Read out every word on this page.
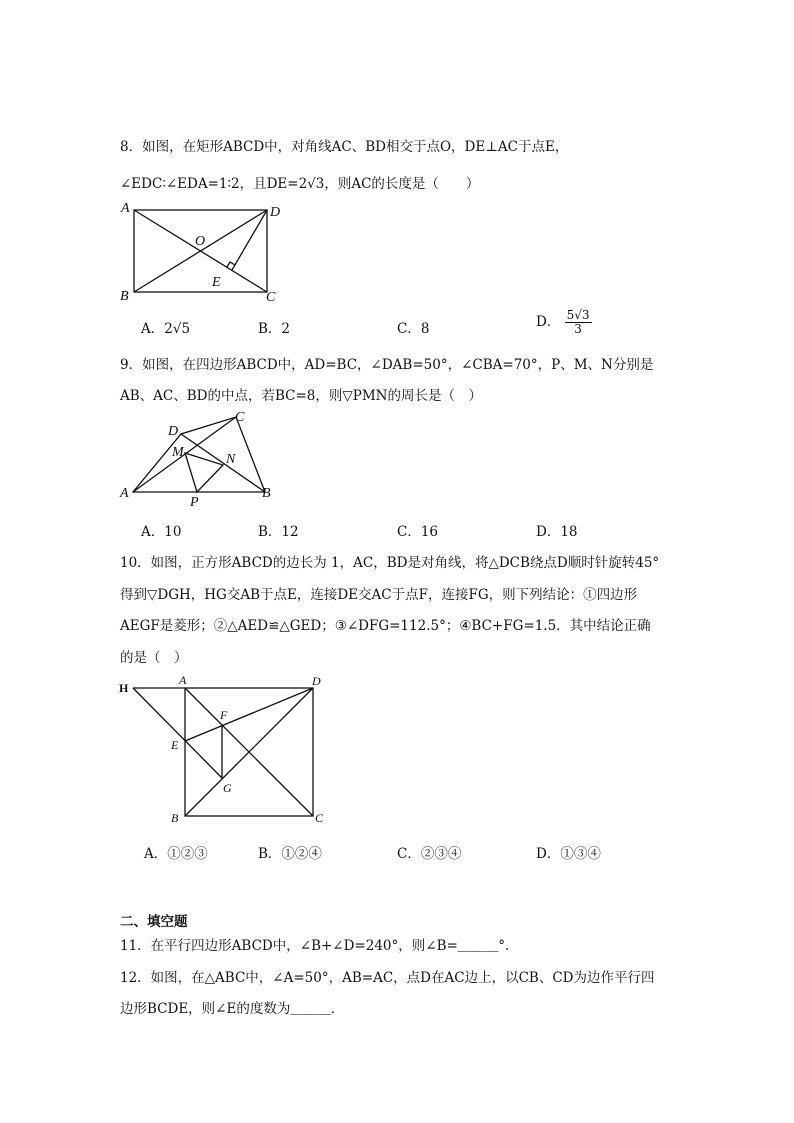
8．如图，在矩形ABCD中，对角线AC、BD相交于点O，DE⊥AC于点E，
∠EDC∶∠EDA=1∶2，且DE=2√3，则AC的长度是（　　）
A	D
O
E
B	C
A．2√5	B．2	C．8	D． $\frac{5√3}{3}$
9．如图，在四边形ABCD中，AD=BC，∠DAB=50°，∠CBA=70°，P、M、N分别是
AB、AC、BD的中点，若BC=8，则▽PMN的周长是（　）
D
C
M	N
A
P
B
A．10	B．12	C．16	D．18
10．如图，正方形ABCD的边长为 1，AC，BD是对角线，将△DCB绕点D顺时针旋转45°
得到▽DGH，HG交AB于点E，连接DE交AC于点F，连接FG，则下列结论：①四边形
AEGF是菱形；②△AED≌△GED；③∠DFG=112.5°；④BC+FG=1.5．其中结论正确
的是（　）
H
A	D
F
E
G
B	C
A．①②③	B．①②④	C．②③④	D．①③④
二、填空题
11．在平行四边形ABCD中，∠B+∠D=240°，则∠B=＿＿＿°．
12．如图，在△ABC中，∠A=50°，AB=AC，点D在AC边上，以CB、CD为边作平行四
边形BCDE，则∠E的度数为＿＿＿．
